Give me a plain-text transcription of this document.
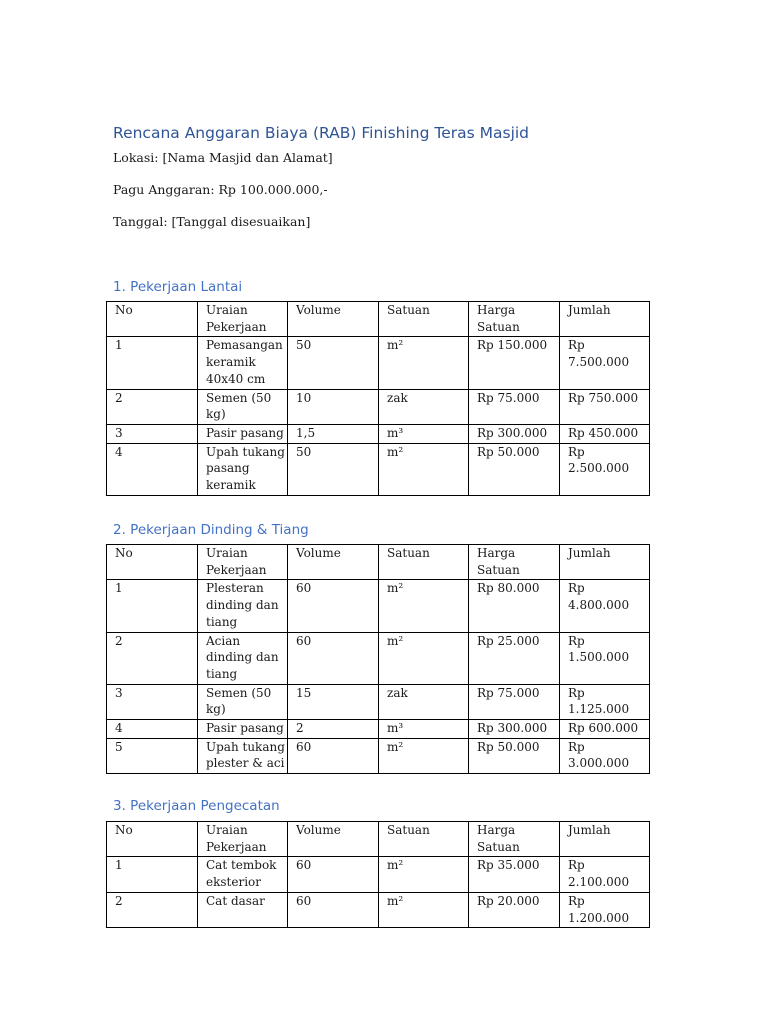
Rencana Anggaran Biaya (RAB) Finishing Teras Masjid

Lokasi: [Nama Masjid dan Alamat]

Pagu Anggaran: Rp 100.000.000,-

Tanggal: [Tanggal disesuaikan]

1. Pekerjaan Lantai
No	Uraian Pekerjaan	Volume	Satuan	Harga Satuan	Jumlah
1	Pemasangan keramik 40x40 cm	50	m²	Rp 150.000	Rp 7.500.000
2	Semen (50 kg)	10	zak	Rp 75.000	Rp 750.000
3	Pasir pasang	1,5	m³	Rp 300.000	Rp 450.000
4	Upah tukang pasang keramik	50	m²	Rp 50.000	Rp 2.500.000
2. Pekerjaan Dinding & Tiang
No	Uraian Pekerjaan	Volume	Satuan	Harga Satuan	Jumlah
1	Plesteran dinding dan tiang	60	m²	Rp 80.000	Rp 4.800.000
2	Acian dinding dan tiang	60	m²	Rp 25.000	Rp 1.500.000
3	Semen (50 kg)	15	zak	Rp 75.000	Rp 1.125.000
4	Pasir pasang	2	m³	Rp 300.000	Rp 600.000
5	Upah tukang plester & aci	60	m²	Rp 50.000	Rp 3.000.000
3. Pekerjaan Pengecatan
No	Uraian Pekerjaan	Volume	Satuan	Harga Satuan	Jumlah
1	Cat tembok eksterior	60	m²	Rp 35.000	Rp 2.100.000
2	Cat dasar	60	m²	Rp 20.000	Rp 1.200.000
